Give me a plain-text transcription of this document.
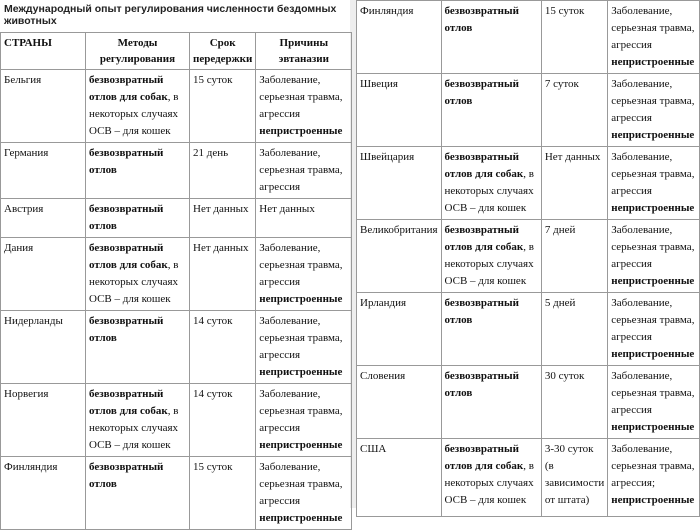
Международный опыт регулирования численности бездомных животных
СТРАНЫ	Методы регулирования	Срок передержки	Причины эвтаназии
Бельгия	безвозвратный отлов для собак, в некоторых случаях ОСВ – для кошек	15 суток	Заболевание, серьезная травма, агрессия непристроенные
Германия	безвозвратный отлов	21 день	Заболевание, серьезная травма, агрессия
Австрия	безвозвратный отлов	Нет данных	Нет данных
Дания	безвозвратный отлов для собак, в некоторых случаях ОСВ – для кошек	Нет данных	Заболевание, серьезная травма, агрессия непристроенные
Нидерланды	безвозвратный отлов	14 суток	Заболевание, серьезная травма, агрессия непристроенные
Норвегия	безвозвратный отлов для собак, в некоторых случаях ОСВ – для кошек	14 суток	Заболевание, серьезная травма, агрессия непристроенные
Финляндия	безвозвратный отлов	15 суток	Заболевание, серьезная травма, агрессия непристроенные
Финляндия	безвозвратный отлов	15 суток	Заболевание, серьезная травма, агрессия непристроенные
Швеция	безвозвратный отлов	7 суток	Заболевание, серьезная травма, агрессия непристроенные
Швейцария	безвозвратный отлов для собак, в некоторых случаях ОСВ – для кошек	Нет данных	Заболевание, серьезная травма, агрессия непристроенные
Великобритания	безвозвратный отлов для собак, в некоторых случаях ОСВ – для кошек	7 дней	Заболевание, серьезная травма, агрессия непристроенные
Ирландия	безвозвратный отлов	5 дней	Заболевание, серьезная травма, агрессия непристроенные
Словения	безвозвратный отлов	30 суток	Заболевание, серьезная травма, агрессия непристроенные
США	безвозвратный отлов для собак, в некоторых случаях ОСВ – для кошек	3-30 суток (в зависимости от штата)	Заболевание, серьезная травма, агрессия; непристроенные
